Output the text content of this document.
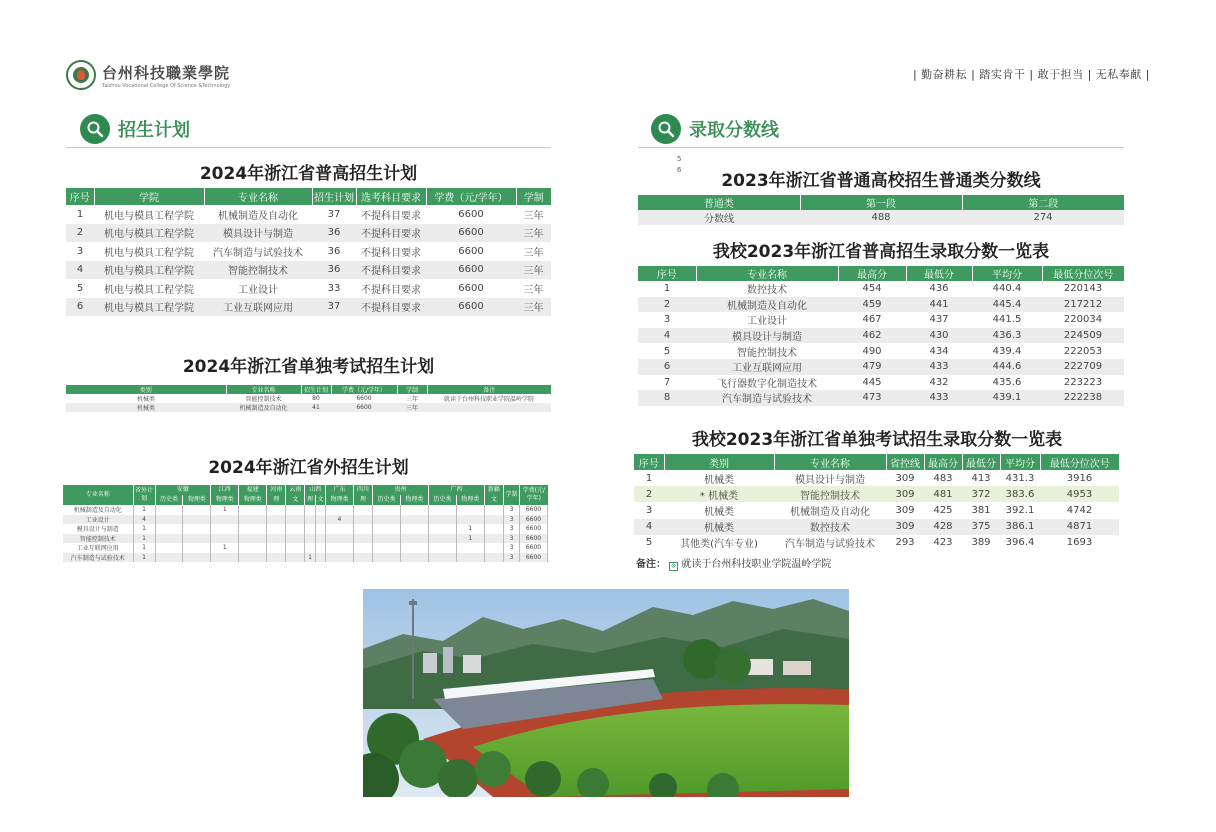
台州科技職業學院
Taizhou Vocational College Of Science &Technology
| 勤奋耕耘 | 踏实肯干 | 敢于担当 | 无私奉献 |
招生计划
2024年浙江省普高招生计划
序号	学院	专业名称	招生计划	选考科目要求	学费（元/学年）	学制
1	机电与模具工程学院	机械制造及自动化	37	不提科目要求	6600	三年
2	机电与模具工程学院	模具设计与制造	36	不提科目要求	6600	三年
3	机电与模具工程学院	汽车制造与试验技术	36	不提科目要求	6600	三年
4	机电与模具工程学院	智能控制技术	36	不提科目要求	6600	三年
5	机电与模具工程学院	工业设计	33	不提科目要求	6600	三年
6	机电与模具工程学院	工业互联网应用	37	不提科目要求	6600	三年
2024年浙江省单独考试招生计划
类别	专业名称	招生计划	学费（元/学年）	学制	备注
机械类	智能控制技术	80	6600	三年	就读于台州科技职业学院温岭学院
机械类	机械制造及自动化	41	6600	三年	
2024年浙江省外招生计划
专业名称	省外计划	安徽		江西	福建	河南	云南	山西		广东	四川	贵州		广西		新疆	学制	学费(元/学年)
		历史类	物理类	物理类	物理类	理	文	理	文	物理类	理	历史类	物理类	历史类	物理类	文		
机械制造及自动化	1			1													3	6600
工业设计	4									4							3	6600
模具设计与制造	1														1		3	6600
智能控制技术	1														1		3	6600
工业互联网应用	1			1													3	6600
汽车制造与试验技术	1							1									3	6600
录取分数线
5
6
2023年浙江省普通高校招生普通类分数线
普通类	第一段	第二段
分数线	488	274
我校2023年浙江省普高招生录取分数一览表
序号	专业名称	最高分	最低分	平均分	最低分位次号
1	数控技术	454	436	440.4	220143
2	机械制造及自动化	459	441	445.4	217212
3	工业设计	467	437	441.5	220034
4	模具设计与制造	462	430	436.3	224509
5	智能控制技术	490	434	439.4	222053
6	工业互联网应用	479	433	444.6	222709
7	飞行器数字化制造技术	445	432	435.6	223223
8	汽车制造与试验技术	473	433	439.1	222238
我校2023年浙江省单独考试招生录取分数一览表
序号	类别	专业名称	省控线	最高分	最低分	平均分	最低分位次号
1	机械类	模具设计与制造	309	483	413	431.3	3916
2	* 机械类	智能控制技术	309	481	372	383.6	4953
3	机械类	机械制造及自动化	309	425	381	392.1	4742
4	机械类	数控技术	309	428	375	386.1	4871
5	其他类(汽车专业)	汽车制造与试验技术	293	423	389	396.4	1693
备注： ※ 就读于台州科技职业学院温岭学院
